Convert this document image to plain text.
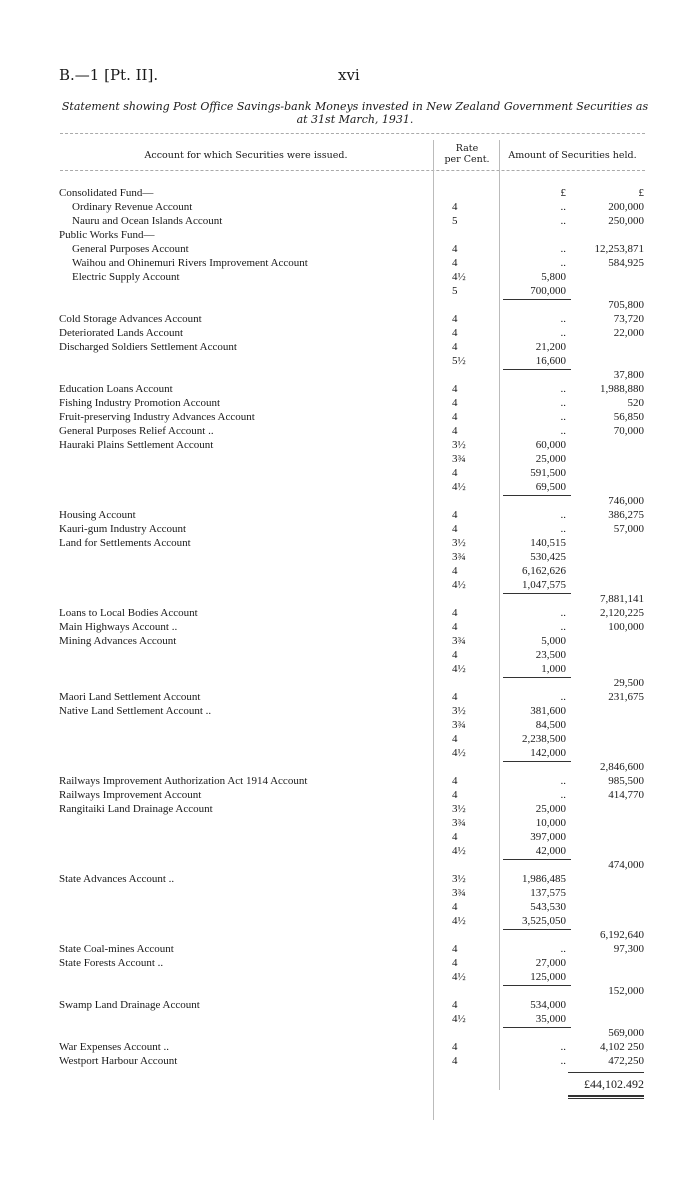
B.—1 [Pt. II].	xvi
Statement showing Post Office Savings-bank Moneys invested in New Zealand Government Securities as
at 31st March, 1931.
Account for which Securities were issued.
Rate
per Cent.	Amount of Securities held.
£	£
Consolidated Fund—
Ordinary Revenue Account	4	..	200,000
Nauru and Ocean Islands Account	5	..	250,000
Public Works Fund—
General Purposes Account	4	..	12,253,871
Waihou and Ohinemuri Rivers Improvement Account	4	..	584,925
Electric Supply Account	4½	5,800
5	700,000
705,800
Cold Storage Advances Account	4	..	73,720
Deteriorated Lands Account	4	..	22,000
Discharged Soldiers Settlement Account	4	21,200
5½	16,600
37,800
Education Loans Account	4	..	1,988,880
Fishing Industry Promotion Account	4	..	520
Fruit-preserving Industry Advances Account	4	..	56,850
General Purposes Relief Account ..	4	..	70,000
Hauraki Plains Settlement Account	3½	60,000
3¾	25,000
4	591,500
4½	69,500
746,000
Housing Account	4	..	386,275
Kauri-gum Industry Account	4	..	57,000
Land for Settlements Account	3½	140,515
3¾	530,425
4	6,162,626
4½	1,047,575
7,881,141
Loans to Local Bodies Account	4	..	2,120,225
Main Highways Account ..	4	..	100,000
Mining Advances Account	3¾	5,000
4	23,500
4½	1,000
29,500
Maori Land Settlement Account	4	..	231,675
Native Land Settlement Account ..	3½	381,600
3¾	84,500
4	2,238,500
4½	142,000
2,846,600
Railways Improvement Authorization Act 1914 Account	4	..	985,500
Railways Improvement Account	4	..	414,770
Rangitaiki Land Drainage Account	3½	25,000
3¾	10,000
4	397,000
4½	42,000
474,000
State Advances Account ..	3½	1,986,485
3¾	137,575
4	543,530
4½	3,525,050
6,192,640
State Coal-mines Account	4	..	97,300
State Forests Account ..	4	27,000
4½	125,000
152,000
Swamp Land Drainage Account	4	534,000
4½	35,000
569,000
War Expenses Account ..	4	..	4,102 250
Westport Harbour Account	4	..	472,250
£44,102.492
